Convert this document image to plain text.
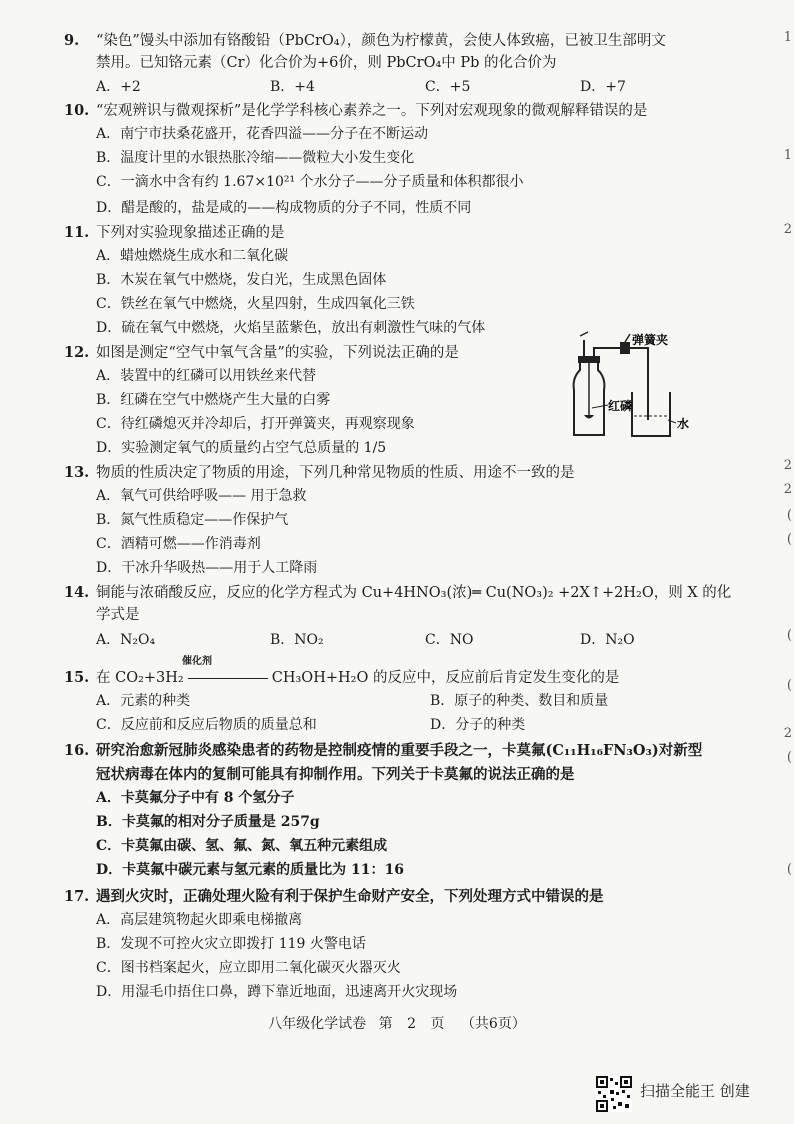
9. “染色”馒头中添加有铬酸铅（PbCrO₄），颜色为柠檬黄，会使人体致癌，已被卫生部明文
禁用。已知铬元素（Cr）化合价为+6价，则 PbCrO₄中 Pb 的化合价为
A．+2	B．+4	C．+5	D．+7
10. “宏观辨识与微观探析”是化学学科核心素养之一。下列对宏观现象的微观解释错误的是
A．南宁市扶桑花盛开，花香四溢——分子在不断运动
B．温度计里的水银热胀冷缩——微粒大小发生变化
C．一滴水中含有约 1.67×10²¹ 个水分子——分子质量和体积都很小
D．醋是酸的，盐是咸的——构成物质的分子不同，性质不同
11. 下列对实验现象描述正确的是
A．蜡烛燃烧生成水和二氧化碳
B．木炭在氧气中燃烧，发白光，生成黑色固体
C．铁丝在氧气中燃烧，火星四射，生成四氧化三铁
D．硫在氧气中燃烧，火焰呈蓝紫色，放出有刺激性气味的气体
12. 如图是测定“空气中氧气含量”的实验，下列说法正确的是
A．装置中的红磷可以用铁丝来代替
B．红磷在空气中燃烧产生大量的白雾
C．待红磷熄灭并冷却后，打开弹簧夹，再观察现象
D．实验测定氧气的质量约占空气总质量的 1/5
弹簧夹
红磷
水
13. 物质的性质决定了物质的用途，下列几种常见物质的性质、用途不一致的是
A．氧气可供给呼吸—— 用于急救
B．氮气性质稳定——作保护气
C．酒精可燃——作消毒剂
D．干冰升华吸热——用于人工降雨
14. 铜能与浓硝酸反应，反应的化学方程式为 Cu+4HNO₃(浓)═ Cu(NO₃)₂ +2X↑+2H₂O，则 X 的化
学式是
A．N₂O₄	B．NO₂	C．NO	D．N₂O
15. 在 CO₂+3H₂	CH₃OH+H₂O 的反应中，反应前后肯定发生变化的是
催化剂
A．元素的种类	B．原子的种类、数目和质量
C．反应前和反应后物质的质量总和	D．分子的种类
16. 研究治愈新冠肺炎感染患者的药物是控制疫情的重要手段之一，卡莫氟(C₁₁H₁₆FN₃O₃)对新型
冠状病毒在体内的复制可能具有抑制作用。下列关于卡莫氟的说法正确的是
A．卡莫氟分子中有 8 个氢分子
B．卡莫氟的相对分子质量是 257g
C．卡莫氟由碳、氢、氟、氮、氧五种元素组成
D．卡莫氟中碳元素与氢元素的质量比为 11：16
17. 遇到火灾时，正确处理火险有利于保护生命财产安全，下列处理方式中错误的是
A．高层建筑物起火即乘电梯撤离
B．发现不可控火灾立即拨打 119 火警电话
C．图书档案起火，应立即用二氧化碳灭火器灭火
D．用湿毛巾捂住口鼻，蹲下靠近地面，迅速离开火灾现场
八年级化学试卷 第 2 页 （共6页）
1
1
2
2
2
(
(
(
(
2
(
(
扫描全能王 创建
